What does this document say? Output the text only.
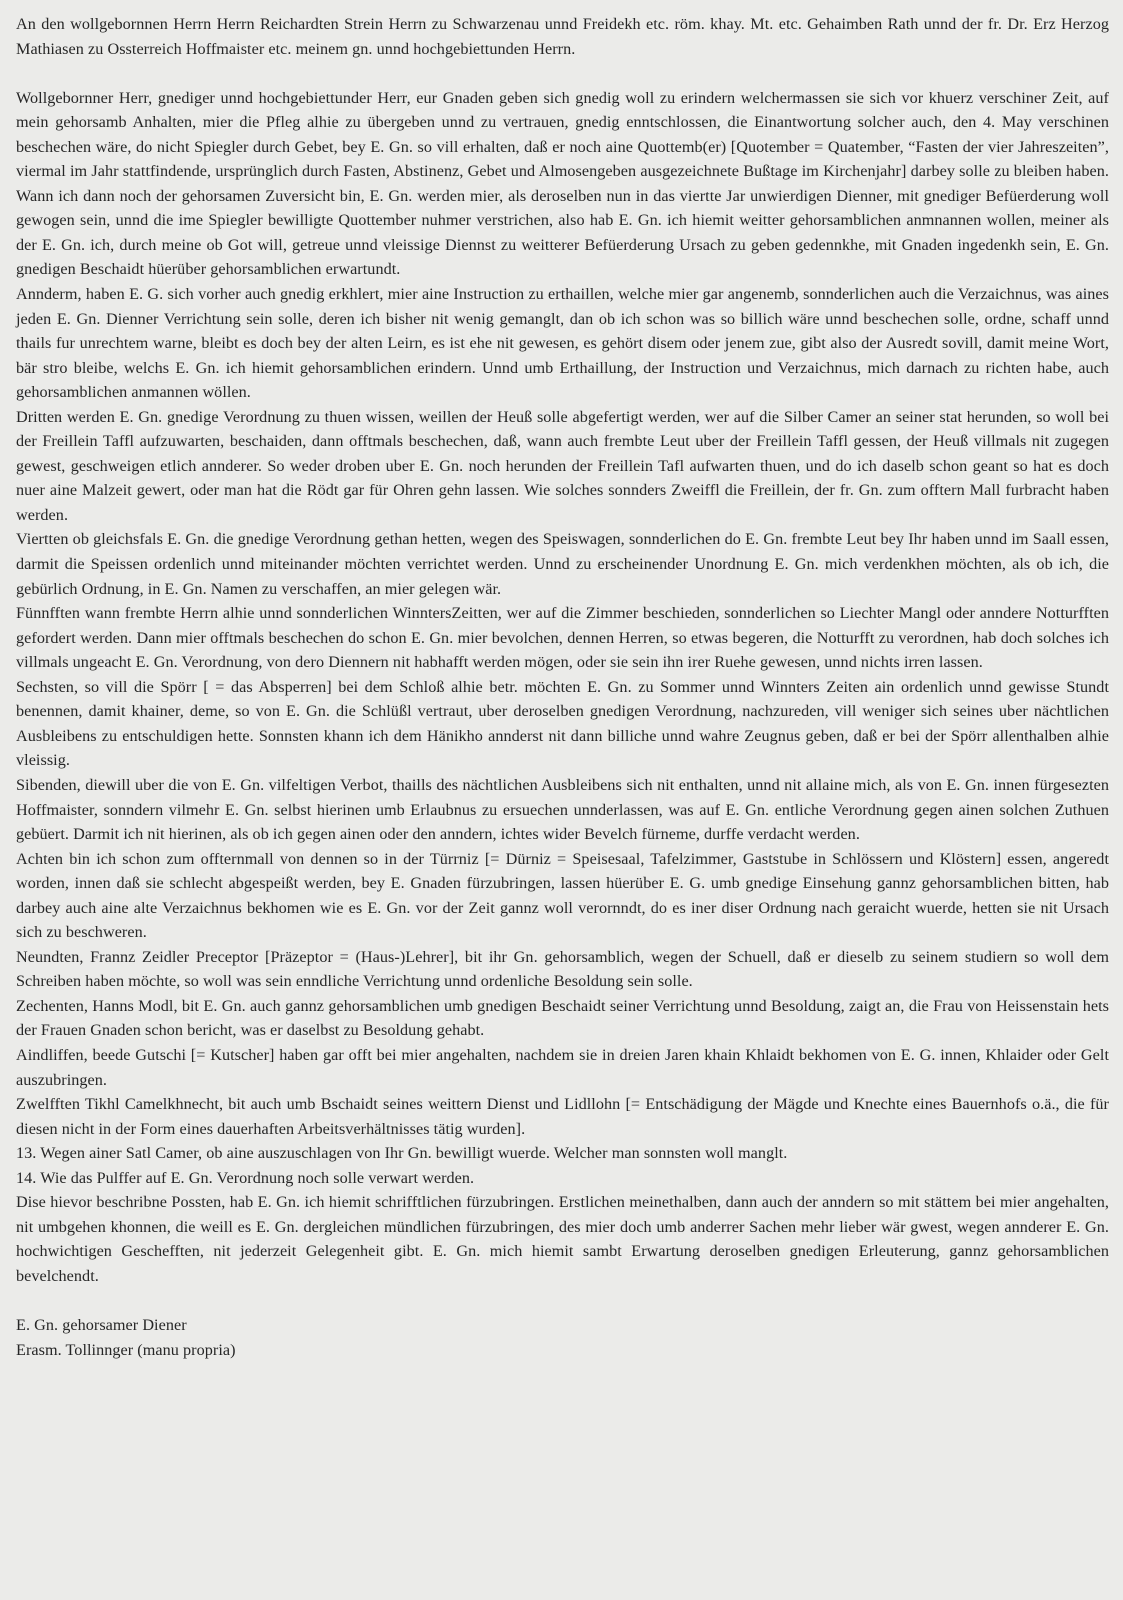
An den wollgebornnen Herrn Herrn Reichardten Strein Herrn zu Schwarzenau unnd Freidekh etc. röm. khay. Mt. etc. Gehaimben Rath unnd der fr. Dr. Erz Herzog Mathiasen zu Ossterreich Hoffmaister etc. meinem gn. unnd hochgebiettunden Herrn.

Wollgebornner Herr, gnediger unnd hochgebiettunder Herr, eur Gnaden geben sich gnedig woll zu erindern welchermassen sie sich vor khuerz verschiner Zeit, auf mein gehorsamb Anhalten, mier die Pfleg alhie zu übergeben unnd zu vertrauen, gnedig enntschlossen, die Einantwortung solcher auch, den 4. May verschinen beschechen wäre, do nicht Spiegler durch Gebet, bey E. Gn. so vill erhalten, daß er noch aine Quottemb(er) [Quotember = Quatember, “Fasten der vier Jahreszeiten”, viermal im Jahr stattfindende, ursprünglich durch Fasten, Abstinenz, Gebet und Almosengeben ausgezeichnete Bußtage im Kirchenjahr] darbey solle zu bleiben haben. Wann ich dann noch der gehorsamen Zuversicht bin, E. Gn. werden mier, als deroselben nun in das viertte Jar unwierdigen Dienner, mit gnediger Befüerderung woll gewogen sein, unnd die ime Spiegler bewilligte Quottember nuhmer verstrichen, also hab E. Gn. ich hiemit weitter gehorsamblichen anmnannen wollen, meiner als der E. Gn. ich, durch meine ob Got will, getreue unnd vleissige Diennst zu weitterer Befüerderung Ursach zu geben gedennkhe, mit Gnaden ingedenkh sein, E. Gn. gnedigen Beschaidt hüerüber gehorsamblichen erwartundt.

Annderm, haben E. G. sich vorher auch gnedig erkhlert, mier aine Instruction zu erthaillen, welche mier gar angenemb, sonnderlichen auch die Verzaichnus, was aines jeden E. Gn. Dienner Verrichtung sein solle, deren ich bisher nit wenig gemanglt, dan ob ich schon was so billich wäre unnd beschechen solle, ordne, schaff unnd thails fur unrechtem warne, bleibt es doch bey der alten Leirn, es ist ehe nit gewesen, es gehört disem oder jenem zue, gibt also der Ausredt sovill, damit meine Wort, bär stro bleibe, welchs E. Gn. ich hiemit gehorsamblichen erindern. Unnd umb Erthaillung, der Instruction und Verzaichnus, mich darnach zu richten habe, auch gehorsamblichen anmannen wöllen.

Dritten werden E. Gn. gnedige Verordnung zu thuen wissen, weillen der Heuß solle abgefertigt werden, wer auf die Silber Camer an seiner stat herunden, so woll bei der Freillein Taffl aufzuwarten, beschaiden, dann offtmals beschechen, daß, wann auch frembte Leut uber der Freillein Taffl gessen, der Heuß villmals nit zugegen gewest, geschweigen etlich annderer. So weder droben uber E. Gn. noch herunden der Freillein Tafl aufwarten thuen, und do ich daselb schon geant so hat es doch nuer aine Malzeit gewert, oder man hat die Rödt gar für Ohren gehn lassen. Wie solches sonnders Zweiffl die Freillein, der fr. Gn. zum offtern Mall furbracht haben werden.

Viertten ob gleichsfals E. Gn. die gnedige Verordnung gethan hetten, wegen des Speiswagen, sonnderlichen do E. Gn. frembte Leut bey Ihr haben unnd im Saall essen, darmit die Speissen ordenlich unnd miteinander möchten verrichtet werden. Unnd zu erscheinender Unordnung E. Gn. mich verdenkhen möchten, als ob ich, die gebürlich Ordnung, in E. Gn. Namen zu verschaffen, an mier gelegen wär.

Fünnfften wann frembte Herrn alhie unnd sonnderlichen WinntersZeitten, wer auf die Zimmer beschieden, sonnderlichen so Liechter Mangl oder anndere Notturfften gefordert werden. Dann mier offtmals beschechen do schon E. Gn. mier bevolchen, dennen Herren, so etwas begeren, die Notturfft zu verordnen, hab doch solches ich villmals ungeacht E. Gn. Verordnung, von dero Diennern nit habhafft werden mögen, oder sie sein ihn irer Ruehe gewesen, unnd nichts irren lassen.

Sechsten, so vill die Spörr [ = das Absperren] bei dem Schloß alhie betr. möchten E. Gn. zu Sommer unnd Winnters Zeiten ain ordenlich unnd gewisse Stundt benennen, damit khainer, deme, so von E. Gn. die Schlüßl vertraut, uber deroselben gnedigen Verordnung, nachzureden, vill weniger sich seines uber nächtlichen Ausbleibens zu entschuldigen hette. Sonnsten khann ich dem Hänikho annderst nit dann billiche unnd wahre Zeugnus geben, daß er bei der Spörr allenthalben alhie vleissig.

Sibenden, diewill uber die von E. Gn. vilfeltigen Verbot, thaills des nächtlichen Ausbleibens sich nit enthalten, unnd nit allaine mich, als von E. Gn. innen fürgesezten Hoffmaister, sonndern vilmehr E. Gn. selbst hierinen umb Erlaubnus zu ersuechen unnderlassen, was auf E. Gn. entliche Verordnung gegen ainen solchen Zuthuen gebüert. Darmit ich nit hierinen, als ob ich gegen ainen oder den anndern, ichtes wider Bevelch fürneme, durffe verdacht werden.

Achten bin ich schon zum offternmall von dennen so in der Türrniz [= Dürniz = Speisesaal, Tafelzimmer, Gaststube in Schlössern und Klöstern] essen, angeredt worden, innen daß sie schlecht abgespeißt werden, bey E. Gnaden fürzubringen, lassen hüerüber E. G. umb gnedige Einsehung gannz gehorsamblichen bitten, hab darbey auch aine alte Verzaichnus bekhomen wie es E. Gn. vor der Zeit gannz woll verornndt, do es iner diser Ordnung nach geraicht wuerde, hetten sie nit Ursach sich zu beschweren.

Neundten, Frannz Zeidler Preceptor [Präzeptor = (Haus-)Lehrer], bit ihr Gn. gehorsamblich, wegen der Schuell, daß er dieselb zu seinem studiern so woll dem Schreiben haben möchte, so woll was sein enndliche Verrichtung unnd ordenliche Besoldung sein solle.

Zechenten, Hanns Modl, bit E. Gn. auch gannz gehorsamblichen umb gnedigen Beschaidt seiner Verrichtung unnd Besoldung, zaigt an, die Frau von Heissenstain hets der Frauen Gnaden schon bericht, was er daselbst zu Besoldung gehabt.

Aindliffen, beede Gutschi [= Kutscher] haben gar offt bei mier angehalten, nachdem sie in dreien Jaren khain Khlaidt bekhomen von E. G. innen, Khlaider oder Gelt auszubringen.

Zwelfften Tikhl Camelkhnecht, bit auch umb Bschaidt seines weittern Dienst und Lidllohn [= Entschädigung der Mägde und Knechte eines Bauernhofs o.ä., die für diesen nicht in der Form eines dauerhaften Arbeitsverhältnisses tätig wurden].

13. Wegen ainer Satl Camer, ob aine auszuschlagen von Ihr Gn. bewilligt wuerde. Welcher man sonnsten woll manglt.

14. Wie das Pulffer auf E. Gn. Verordnung noch solle verwart werden.

Dise hievor beschribne Possten, hab E. Gn. ich hiemit schrifftlichen fürzubringen. Erstlichen meinethalben, dann auch der anndern so mit stättem bei mier angehalten, nit umbgehen khonnen, die weill es E. Gn. dergleichen mündlichen fürzubringen, des mier doch umb anderrer Sachen mehr lieber wär gwest, wegen annderer E. Gn. hochwichtigen Geschefften, nit jederzeit Gelegenheit gibt. E. Gn. mich hiemit sambt Erwartung deroselben gnedigen Erleuterung, gannz gehorsamblichen bevelchendt.

E. Gn. gehorsamer Diener

Erasm. Tollinnger (manu propria)
